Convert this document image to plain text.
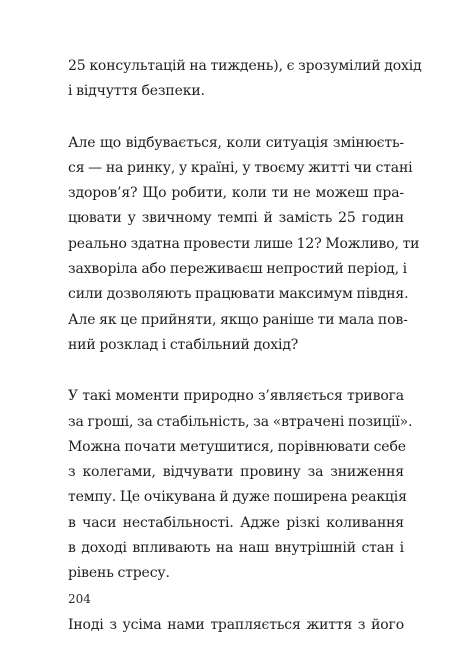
25 консультацій на тиждень), є зрозумілий дохід
і відчуття безпеки.

Але що відбувається, коли ситуація змінюєть-
ся — на ринку, у країні, у твоєму житті чи стані
здоров’я? Що робити, коли ти не можеш пра-
цювати у звичному темпі й замість 25 годин
реально здатна провести лише 12? Можливо, ти
захворіла або переживаєш непростий період, і
сили дозволяють працювати максимум півдня.
Але як це прийняти, якщо раніше ти мала пов-
ний розклад і стабільний дохід?

У такі моменти природно з’являється тривога
за гроші, за стабільність, за «втрачені позиції».
Можна почати метушитися, порівнювати себе
з колегами, відчувати провину за зниження
темпу. Це очікувана й дуже поширена реакція
в часи нестабільності. Адже різкі коливання
в доході впливають на наш внутрішній стан і
рівень стресу.

Іноді з усіма нами трапляється життя з його

204
